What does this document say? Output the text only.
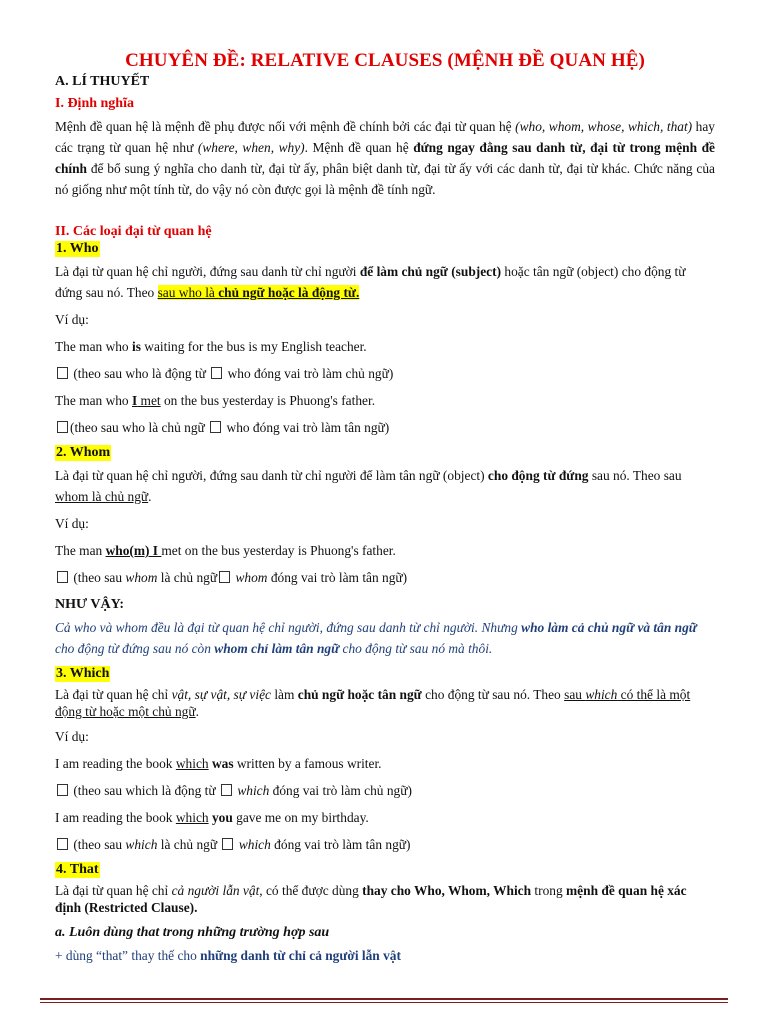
CHUYÊN ĐỀ: RELATIVE CLAUSES (MỆNH ĐỀ QUAN HỆ)
A. LÍ THUYẾT
I. Định nghĩa

Mệnh đề quan hệ là mệnh đề phụ được nối với mệnh đề chính bởi các đại từ quan hệ (who, whom, whose, which, that) hay các trạng từ quan hệ như (where, when, why). Mệnh đề quan hệ đứng ngay đằng sau danh từ, đại từ trong mệnh đề chính để bổ sung ý nghĩa cho danh từ, đại từ ấy, phân biệt danh từ, đại từ ấy với các danh từ, đại từ khác. Chức năng của nó giống như một tính từ, do vậy nó còn được gọi là mệnh đề tính ngữ.

II. Các loại đại từ quan hệ
1. Who

Là đại từ quan hệ chỉ người, đứng sau danh từ chỉ người để làm chủ ngữ (subject) hoặc tân ngữ (object) cho động từ đứng sau nó. Theo sau who là chủ ngữ hoặc là động từ.

Ví dụ:

The man who is waiting for the bus is my English teacher.

(theo sau who là động từ  who đóng vai trò làm chủ ngữ)

The man who I met on the bus yesterday is Phuong's father.

(theo sau who là chủ ngữ  who đóng vai trò làm tân ngữ)

2. Whom

Là đại từ quan hệ chỉ người, đứng sau danh từ chỉ người để làm tân ngữ (object) cho động từ đứng sau nó. Theo sau whom là chủ ngữ.

Ví dụ:

The man who(m) I met on the bus yesterday is Phuong's father.

(theo sau whom là chủ ngữ whom đóng vai trò làm tân ngữ)

NHƯ VẬY:

Cả who và whom đều là đại từ quan hệ chỉ người, đứng sau danh từ chỉ người. Nhưng who làm cả chủ ngữ và tân ngữ cho động từ đứng sau nó còn whom chỉ làm tân ngữ cho động từ sau nó mà thôi.

3. Which

Là đại từ quan hệ chỉ vật, sự vật, sự việc làm chủ ngữ hoặc tân ngữ cho động từ sau nó. Theo sau which có thể là một động từ hoặc một chủ ngữ.

Ví dụ:

I am reading the book which was written by a famous writer.

(theo sau which là động từ  which đóng vai trò làm chủ ngữ)

I am reading the book which you gave me on my birthday.

(theo sau which là chủ ngữ  which đóng vai trò làm tân ngữ)

4. That

Là đại từ quan hệ chỉ cả người lẫn vật, có thể được dùng thay cho Who, Whom, Which trong mệnh đề quan hệ xác định (Restricted Clause).

a. Luôn dùng that trong những trường hợp sau

+ dùng “that” thay thế cho những danh từ chỉ cả người lẫn vật
